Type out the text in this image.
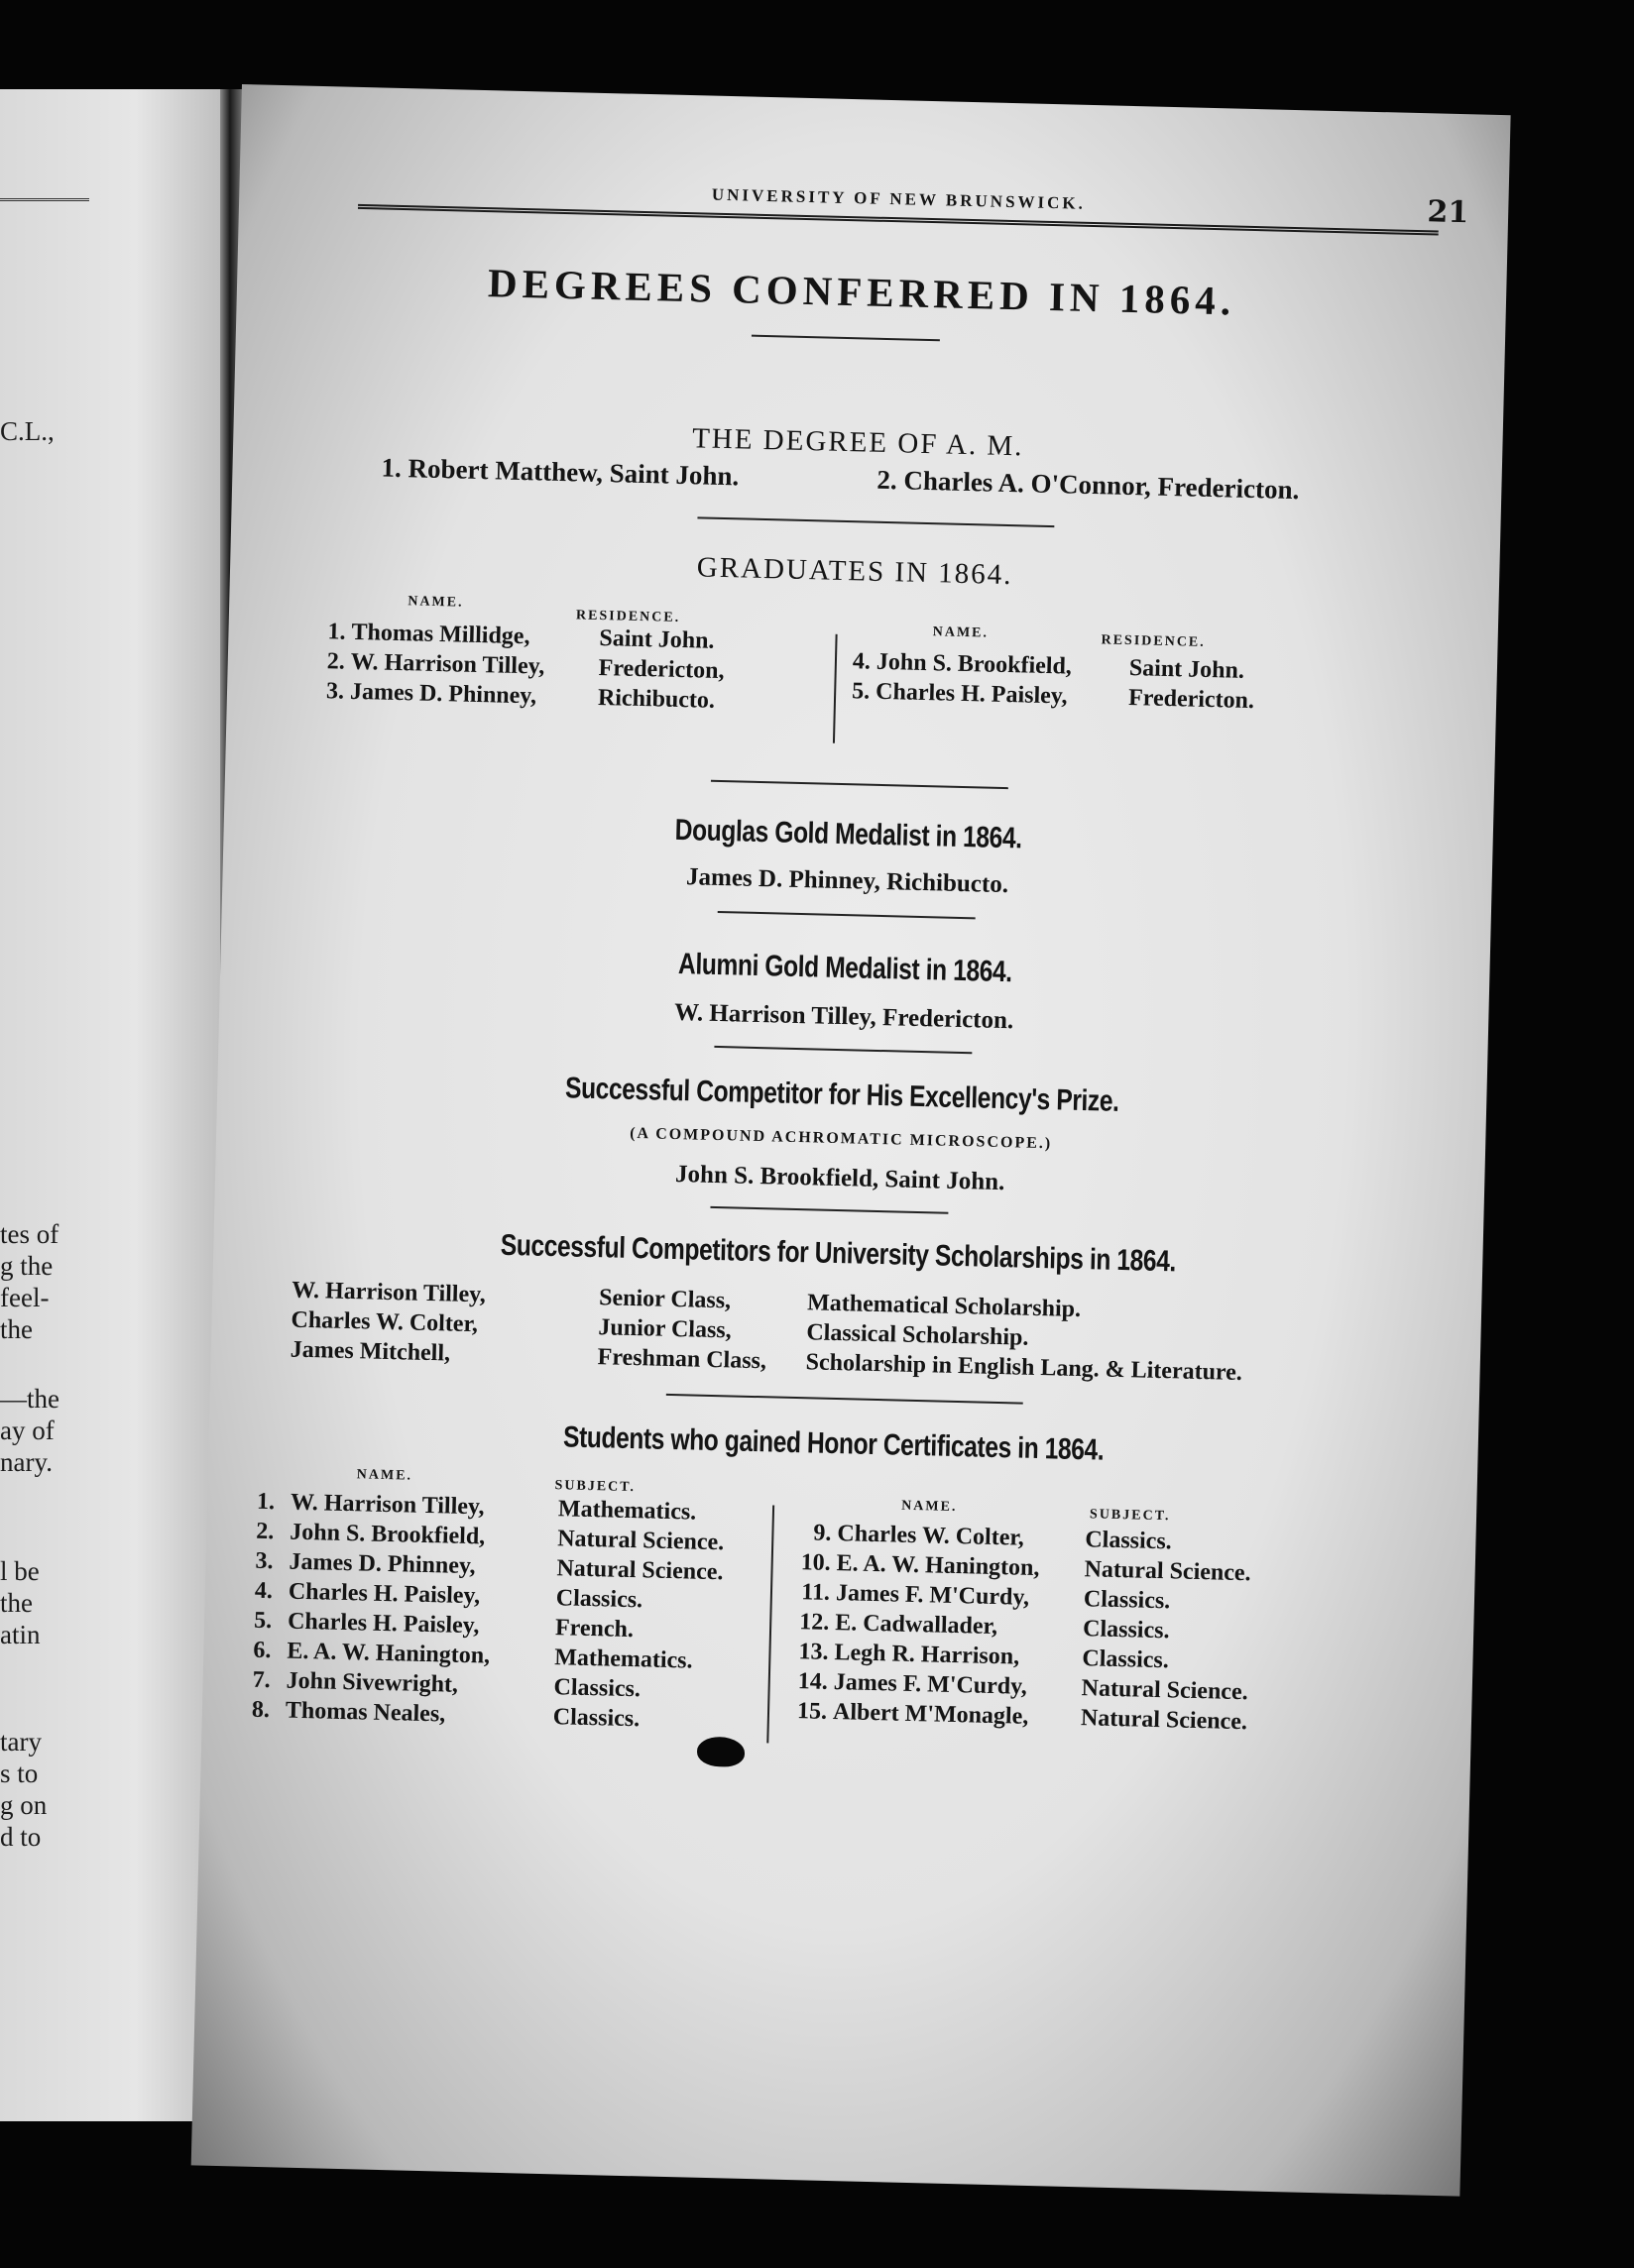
C.L.,
tes of
g the
feel-
the
—the
ay of
nary.
l be
the
atin
tary
s to
g on
d to
UNIVERSITY OF NEW BRUNSWICK.	21
DEGREES CONFERRED IN 1864.
THE DEGREE OF A. M.
1. Robert Matthew, Saint John.	2. Charles A. O'Connor, Fredericton.
GRADUATES IN 1864.
NAME.
RESIDENCE.
1. Thomas Millidge,	Saint John.
2. W. Harrison Tilley, Fredericton,
3. James D. Phinney,	Richibucto.
NAME.	RESIDENCE.
4. John S. Brookfield, Saint John.
5. Charles H. Paisley,	Fredericton.
Douglas Gold Medalist in 1864.
James D. Phinney, Richibucto.
Alumni Gold Medalist in 1864.
W. Harrison Tilley, Fredericton.
Successful Competitor for His Excellency's Prize.
(A COMPOUND ACHROMATIC MICROSCOPE.)
John S. Brookfield, Saint John.
Successful Competitors for University Scholarships in 1864.
W. Harrison Tilley,	Senior Class,	Mathematical Scholarship.
Charles W. Colter,	Junior Class,	Classical Scholarship.
James Mitchell,	Freshman Class, Scholarship in English Lang. & Literature.
Students who gained Honor Certificates in 1864.
NAME.
SUBJECT.
1. W. Harrison Tilley,	Mathematics.
2. John S. Brookfield,	Natural Science.
3. James D. Phinney,	Natural Science.
4. Charles H. Paisley,	Classics.
5. Charles H. Paisley,	French.
6. E. A. W. Hanington,	Mathematics.
7. John Sivewright,	Classics.
8. Thomas Neales,	Classics.
NAME.
SUBJECT.
9. Charles W. Colter,	Classics.
10. E. A. W. Hanington, Natural Science.
11. James F. M'Curdy, Classics.
12. E. Cadwallader,	Classics.
13. Legh R. Harrison,	Classics.
14. James F. M'Curdy, Natural Science.
15. Albert M'Monagle, Natural Science.
